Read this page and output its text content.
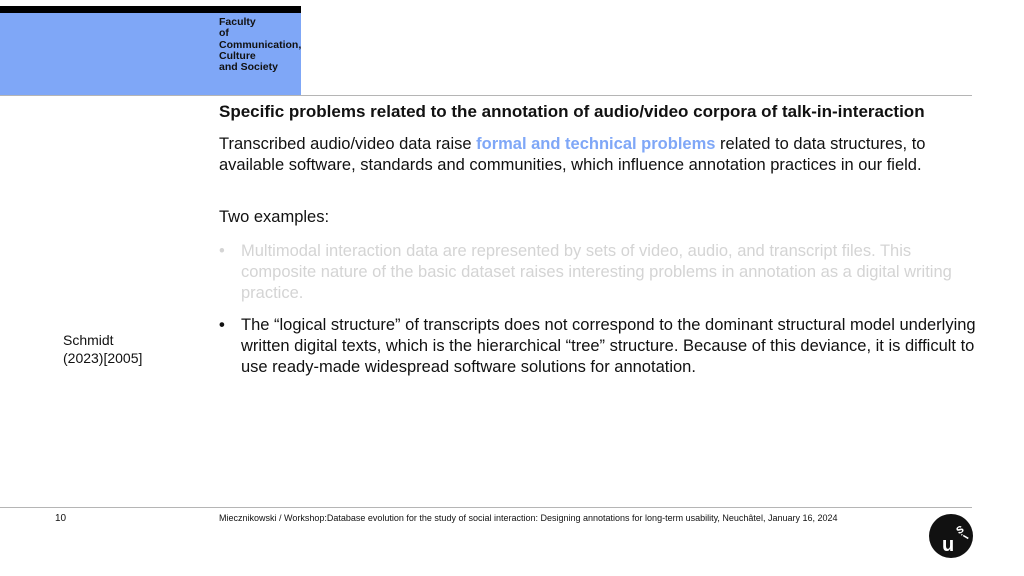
Faculty
of
Communication,
Culture
and Society
Specific problems related to the annotation of audio/video corpora of talk-in-interaction
Transcribed audio/video data raise formal and technical problems related to data structures, to available software, standards and communities, which influence annotation practices in our field.
Two examples:
• Multimodal interaction data are represented by sets of video, audio, and transcript files. This composite nature of the basic dataset raises interesting problems in annotation as a digital writing practice.
• The “logical structure” of transcripts does not correspond to the dominant structural model underlying written digital texts, which is the hierarchical “tree” structure. Because of this deviance, it is difficult to use ready-made widespread software solutions for annotation.
Schmidt
(2023)[2005]
10	Miecznikowski / Workshop:Database evolution for the study of social interaction: Designing annotations for long-term usability, Neuchâtel, January 16, 2024
u
s
i
